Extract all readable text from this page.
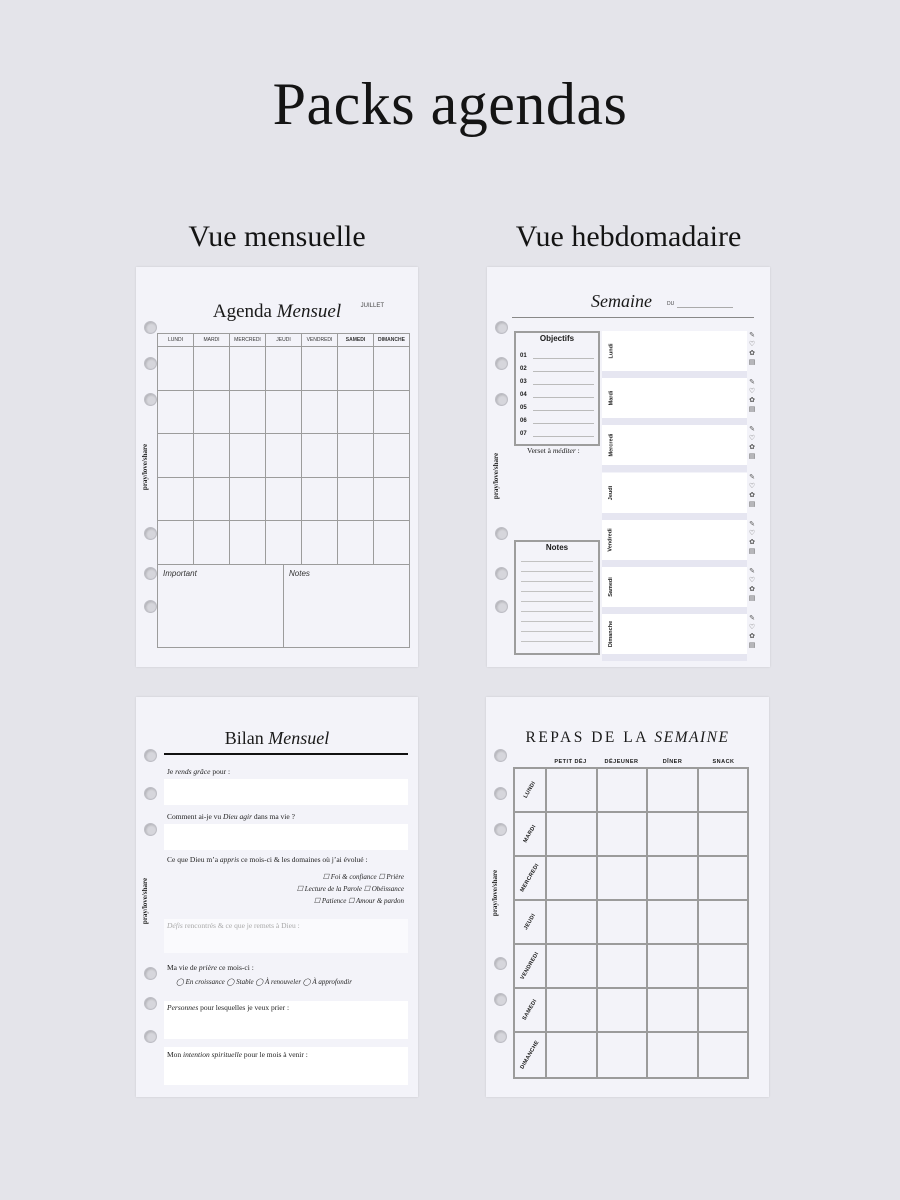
Packs agendas
Vue mensuelle	Vue hebdomadaire
Agenda Mensuel	JUILLET
LUNDI	MARDI	MERCREDI	JEUDI	VENDREDI	SAMEDI	DIMANCHE
Important	Notes
pray/love/share
Semaine	DU
Objectifs
01
02
03
04
05
06
07
Verset à méditer :
Notes
pray/love/share
Lundi
✎
♡
✿
▤
Mardi
✎
♡
✿
▤
Mercredi
✎
♡
✿
▤
Jeudi
✎
♡
✿
▤
Vendredi
✎
♡
✿
▤
Samedi
✎
♡
✿
▤
Dimanche
✎
♡
✿
▤
Bilan Mensuel
Je rends grâce pour :
Comment ai-je vu Dieu agir dans ma vie ?
Ce que Dieu m’a appris ce mois-ci & les domaines où j’ai évolué :
☐ Foi & confiance ☐ Prière
☐ Lecture de la Parole ☐ Obéissance
☐ Patience ☐ Amour & pardon
Ma vie de prière ce mois-ci :
◯ En croissance ◯ Stable ◯ À renouveler ◯ À approfondir
Personnes pour lesquelles je veux prier :
Mon intention spirituelle pour le mois à venir :
pray/love/share
REPAS DE LA SEMAINE
PETIT DÉJ	DÉJEUNER	DÎNER	SNACK
LUNDI
MARDI
MERCREDI
JEUDI
VENDREDI
SAMEDI
DIMANCHE
pray/love/share
